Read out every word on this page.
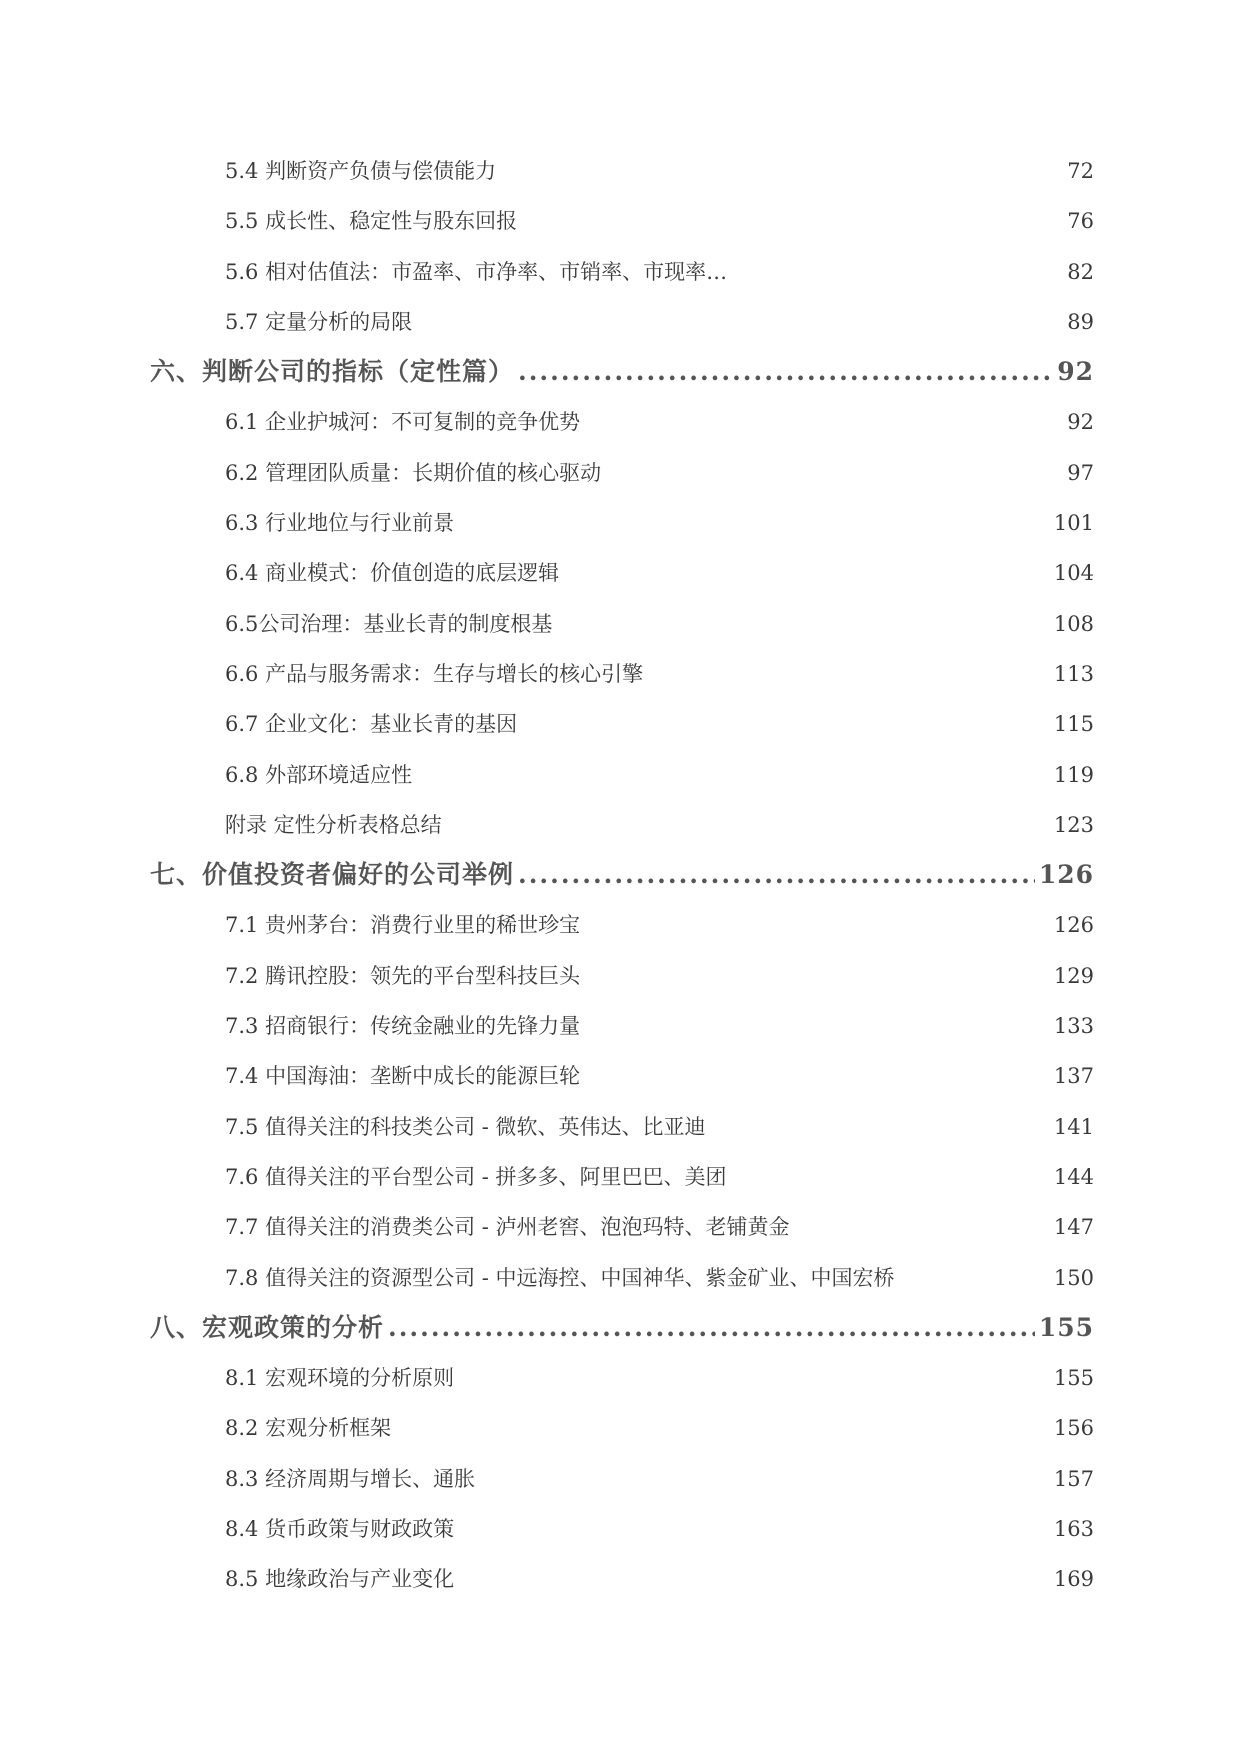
5.4 判断资产负债与偿债能力	72
5.5 成长性、稳定性与股东回报	76
5.6 相对估值法：市盈率、市净率、市销率、市现率…	82
5.7 定量分析的局限	89
六、判断公司的指标（定性篇） .....	92
6.1 企业护城河：不可复制的竞争优势	92
6.2 管理团队质量：长期价值的核心驱动	97
6.3 行业地位与行业前景	101
6.4 商业模式：价值创造的底层逻辑	104
6.5公司治理：基业长青的制度根基	108
6.6 产品与服务需求：生存与增长的核心引擎	113
6.7 企业文化：基业长青的基因	115
6.8 外部环境适应性	119
附录 定性分析表格总结	123
七、价值投资者偏好的公司举例 .....	126
7.1 贵州茅台：消费行业里的稀世珍宝	126
7.2 腾讯控股：领先的平台型科技巨头	129
7.3 招商银行：传统金融业的先锋力量	133
7.4 中国海油：垄断中成长的能源巨轮	137
7.5 值得关注的科技类公司 - 微软、英伟达、比亚迪	141
7.6 值得关注的平台型公司 - 拼多多、阿里巴巴、美团	144
7.7 值得关注的消费类公司 - 泸州老窖、泡泡玛特、老铺黄金	147
7.8 值得关注的资源型公司 - 中远海控、中国神华、紫金矿业、中国宏桥	150
八、宏观政策的分析 .....	155
8.1 宏观环境的分析原则	155
8.2 宏观分析框架	156
8.3 经济周期与增长、通胀	157
8.4 货币政策与财政政策	163
8.5 地缘政治与产业变化	169
